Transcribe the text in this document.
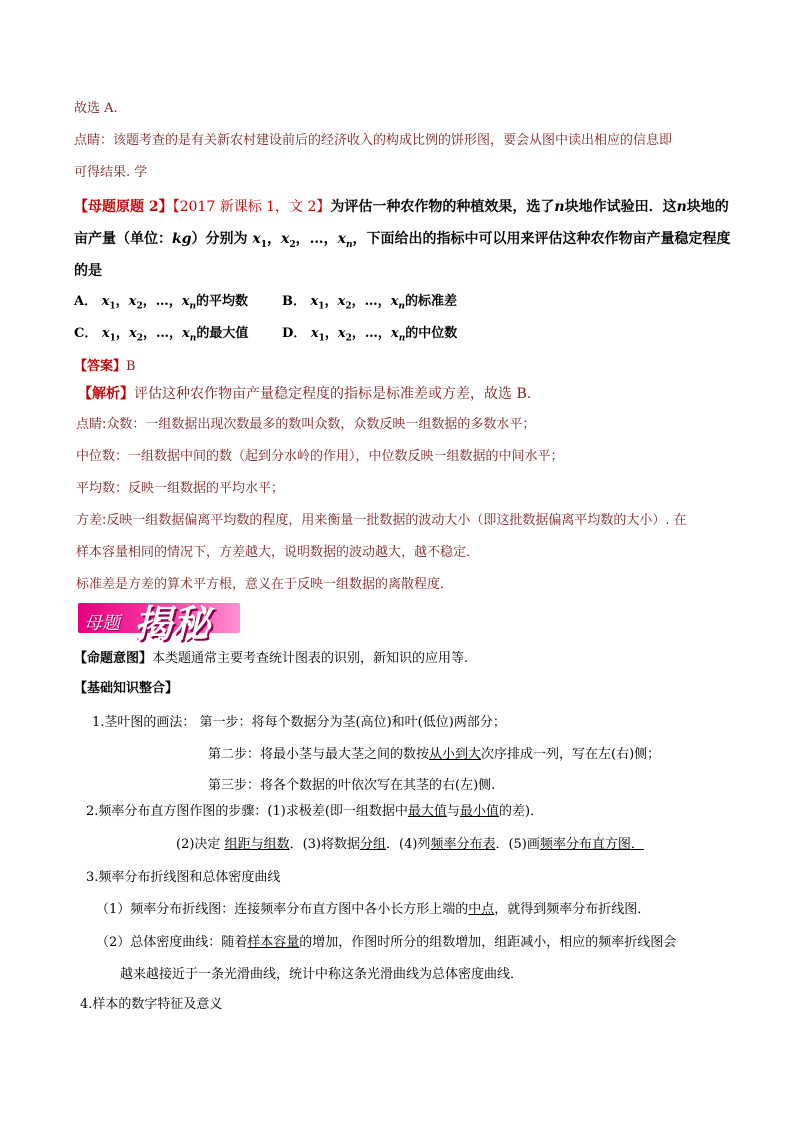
故选 A.
点睛：该题考查的是有关新农村建设前后的经济收入的构成比例的饼形图，要会从图中读出相应的信息即
可得结果. 学
【母题原题 2】【2017 新课标 1，文 2】为评估一种农作物的种植效果，选了n块地作试验田．这n块地的
亩产量（单位：kg）分别为 $x_1$，$x_2$，…，$x_n$，下面给出的指标中可以用来评估这种农作物亩产量稳定程度
的是
A． $x_1$，$x_2$，…，$x_n$的平均数	B． $x_1$，$x_2$，…，$x_n$的标准差
C． $x_1$，$x_2$，…，$x_n$的最大值	D． $x_1$，$x_2$，…，$x_n$的中位数
【答案】B
【解析】评估这种农作物亩产量稳定程度的指标是标准差或方差，故选 B.
点睛:众数：一组数据出现次数最多的数叫众数，众数反映一组数据的多数水平；
中位数：一组数据中间的数（起到分水岭的作用），中位数反映一组数据的中间水平；
平均数：反映一组数据的平均水平；
方差:反映一组数据偏离平均数的程度，用来衡量一批数据的波动大小（即这批数据偏离平均数的大小）. 在
样本容量相同的情况下，方差越大，说明数据的波动越大，越不稳定．
标准差是方差的算术平方根，意义在于反映一组数据的离散程度．
母题 揭秘
【命题意图】本类题通常主要考查统计图表的识别，新知识的应用等.
【基础知识整合】
1.茎叶图的画法： 第一步：将每个数据分为茎(高位)和叶(低位)两部分；
第二步：将最小茎与最大茎之间的数按从小到大次序排成一列，写在左(右)侧；
第三步：将各个数据的叶依次写在其茎的右(左)侧.
2.频率分布直方图作图的步骤：(1)求极差(即一组数据中最大值与最小值的差)．
(2)决定 组距与组数．(3)将数据分组．(4)列频率分布表．(5)画频率分布直方图．
3.频率分布折线图和总体密度曲线
（1）频率分布折线图：连接频率分布直方图中各小长方形上端的中点，就得到频率分布折线图．
（2）总体密度曲线：随着样本容量的增加，作图时所分的组数增加，组距减小，相应的频率折线图会
越来越接近于一条光滑曲线，统计中称这条光滑曲线为总体密度曲线．
4.样本的数字特征及意义
